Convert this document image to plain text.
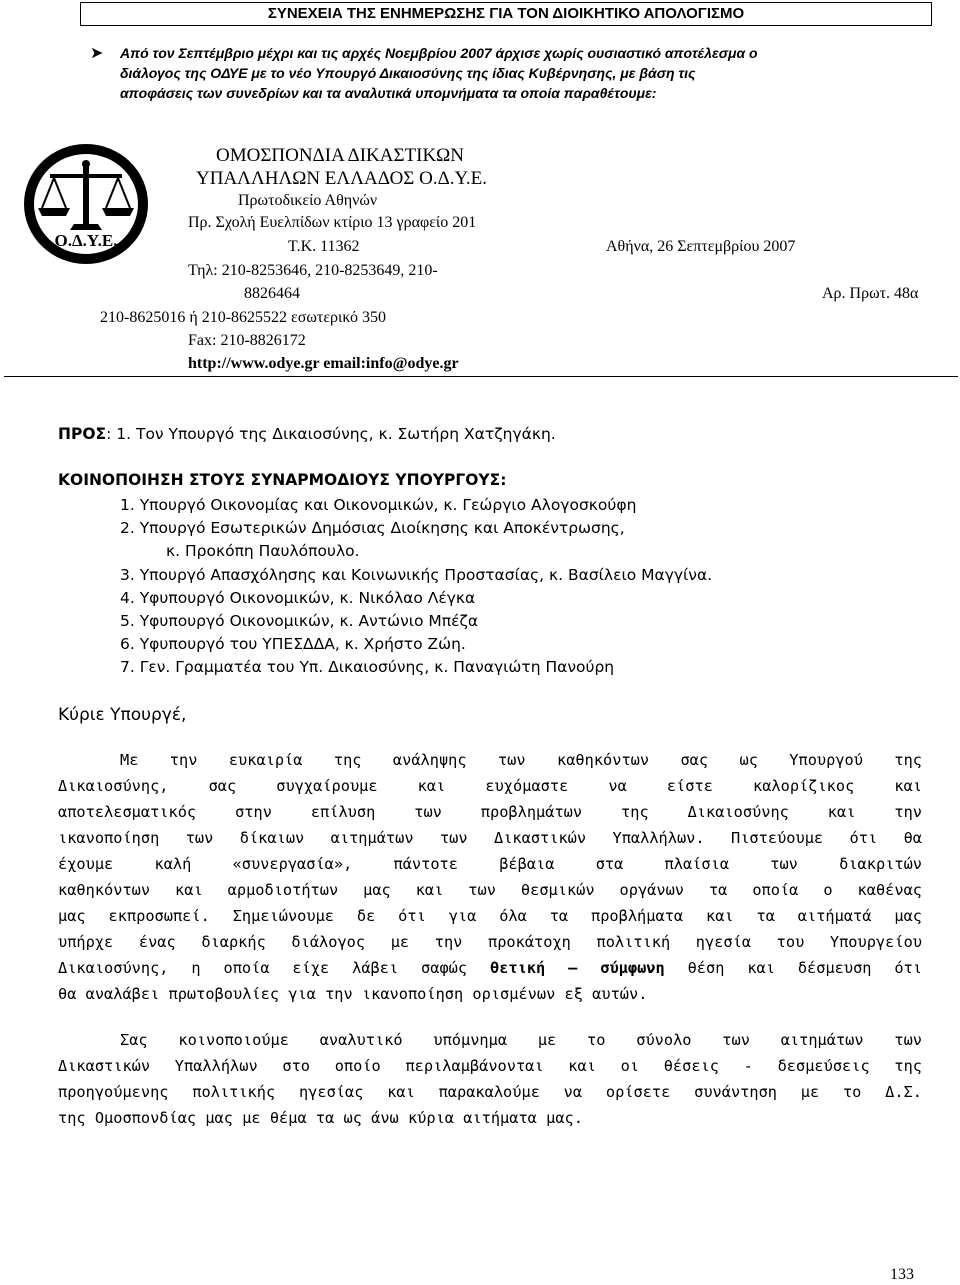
ΣΥΝΕΧΕΙΑ ΤΗΣ ΕΝΗΜΕΡΩΣΗΣ ΓΙΑ ΤΟΝ ΔΙΟΙΚΗΤΙΚΟ ΑΠΟΛΟΓΙΣΜΟ
➤ Από τον Σεπτέμβριο μέχρι και τις αρχές Νοεμβρίου 2007 άρχισε χωρίς ουσιαστικό αποτέλεσμα ο
διάλογος της ΟΔΥΕ με το νέο Υπουργό Δικαιοσύνης της ίδιας Κυβέρνησης, με βάση τις
αποφάσεις των συνεδρίων και τα αναλυτικά υπομνήματα τα οποία παραθέτουμε:
Ο.Δ.Υ.Ε.
ΟΜΟΣΠΟΝΔΙΑ ΔΙΚΑΣΤΙΚΩΝ
ΥΠΑΛΛΗΛΩΝ ΕΛΛΑΔΟΣ Ο.Δ.Υ.Ε.
Πρωτοδικείο Αθηνών
Πρ. Σχολή Ευελπίδων κτίριο 13 γραφείο 201
Τ.Κ. 11362	Αθήνα, 26 Σεπτεμβρίου 2007
Τηλ: 210-8253646, 210-8253649, 210-
8826464	Αρ. Πρωτ. 48α
210-8625016 ή 210-8625522 εσωτερικό 350
Fax: 210-8826172
http://www.odye.gr email:info@odye.gr
ΠΡΟΣ: 1. Τον Υπουργό της Δικαιοσύνης, κ. Σωτήρη Χατζηγάκη.
ΚΟΙΝΟΠΟΙΗΣΗ ΣΤΟΥΣ ΣΥΝΑΡΜΟΔΙΟΥΣ ΥΠΟΥΡΓΟΥΣ:
1. Υπουργό Οικονομίας και Οικονομικών, κ. Γεώργιο Αλογοσκούφη
2. Υπουργό Εσωτερικών Δημόσιας Διοίκησης και Αποκέντρωσης,
κ. Προκόπη Παυλόπουλο.
3. Υπουργό Απασχόλησης και Κοινωνικής Προστασίας, κ. Βασίλειο Μαγγίνα.
4. Υφυπουργό Οικονομικών, κ. Νικόλαο Λέγκα
5. Υφυπουργό Οικονομικών, κ. Αντώνιο Μπέζα
6. Υφυπουργό του ΥΠΕΣΔΔΑ, κ. Χρήστο Ζώη.
7. Γεν. Γραμματέα του Υπ. Δικαιοσύνης, κ. Παναγιώτη Πανούρη
Κύριε Υπουργέ,
Με την ευκαιρία της ανάληψης των καθηκόντων σας ως Υπουργού της
Δικαιοσύνης, σας συγχαίρουμε και ευχόμαστε να είστε καλορίζικος και
αποτελεσματικός στην επίλυση των προβλημάτων της Δικαιοσύνης και την
ικανοποίηση των δίκαιων αιτημάτων των Δικαστικών Υπαλλήλων. Πιστεύουμε ότι θα
έχουμε καλή «συνεργασία», πάντοτε βέβαια στα πλαίσια των διακριτών
καθηκόντων και αρμοδιοτήτων μας και των θεσμικών οργάνων τα οποία ο καθένας
μας εκπροσωπεί. Σημειώνουμε δε ότι για όλα τα προβλήματα και τα αιτήματά μας
υπήρχε ένας διαρκής διάλογος με την προκάτοχη πολιτική ηγεσία του Υπουργείου
Δικαιοσύνης, η οποία είχε λάβει σαφώς θετική – σύμφωνη θέση και δέσμευση ότι
θα αναλάβει πρωτοβουλίες για την ικανοποίηση ορισμένων εξ αυτών.
Σας κοινοποιούμε αναλυτικό υπόμνημα με το σύνολο των αιτημάτων των
Δικαστικών Υπαλλήλων στο οποίο περιλαμβάνονται και οι θέσεις - δεσμεύσεις της
προηγούμενης πολιτικής ηγεσίας και παρακαλούμε να ορίσετε συνάντηση με το Δ.Σ.
της Ομοσπονδίας μας με θέμα τα ως άνω κύρια αιτήματα μας.
133
